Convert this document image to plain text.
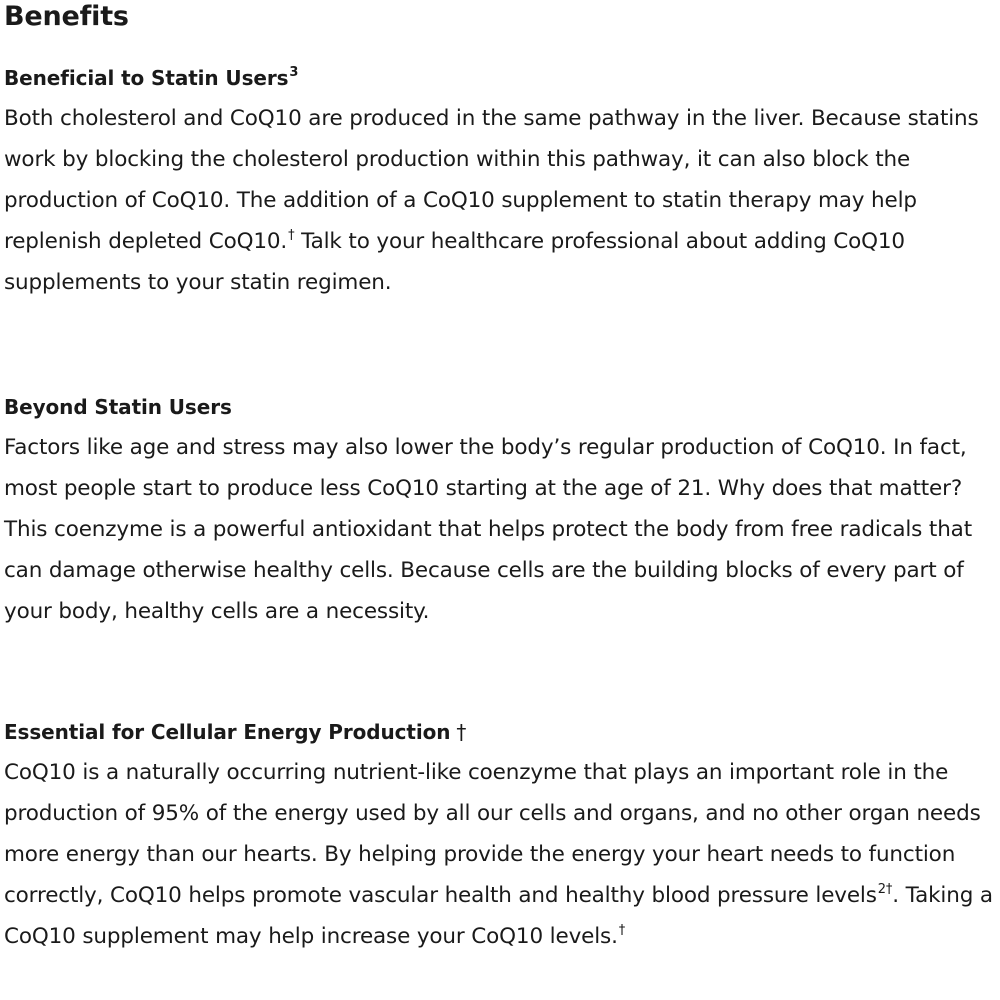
Benefits
Beneficial to Statin Users$^3$

Both cholesterol and CoQ10 are produced in the same pathway in the liver. Because statins work by blocking the cholesterol production within this pathway, it can also block the production of CoQ10. The addition of a CoQ10 supplement to statin therapy may help replenish depleted CoQ10.† Talk to your healthcare professional about adding CoQ10 supplements to your statin regimen.

Beyond Statin Users

Factors like age and stress may also lower the body’s regular production of CoQ10. In fact, most people start to produce less CoQ10 starting at the age of 21. Why does that matter? This coenzyme is a powerful antioxidant that helps protect the body from free radicals that can damage otherwise healthy cells. Because cells are the building blocks of every part of your body, healthy cells are a necessity.

Essential for Cellular Energy Production †

CoQ10 is a naturally occurring nutrient-like coenzyme that plays an important role in the production of 95% of the energy used by all our cells and organs, and no other organ needs more energy than our hearts. By helping provide the energy your heart needs to function correctly, CoQ10 helps promote vascular health and healthy blood pressure levels$^{2\dagger}$. Taking a CoQ10 supplement may help increase your CoQ10 levels.†
